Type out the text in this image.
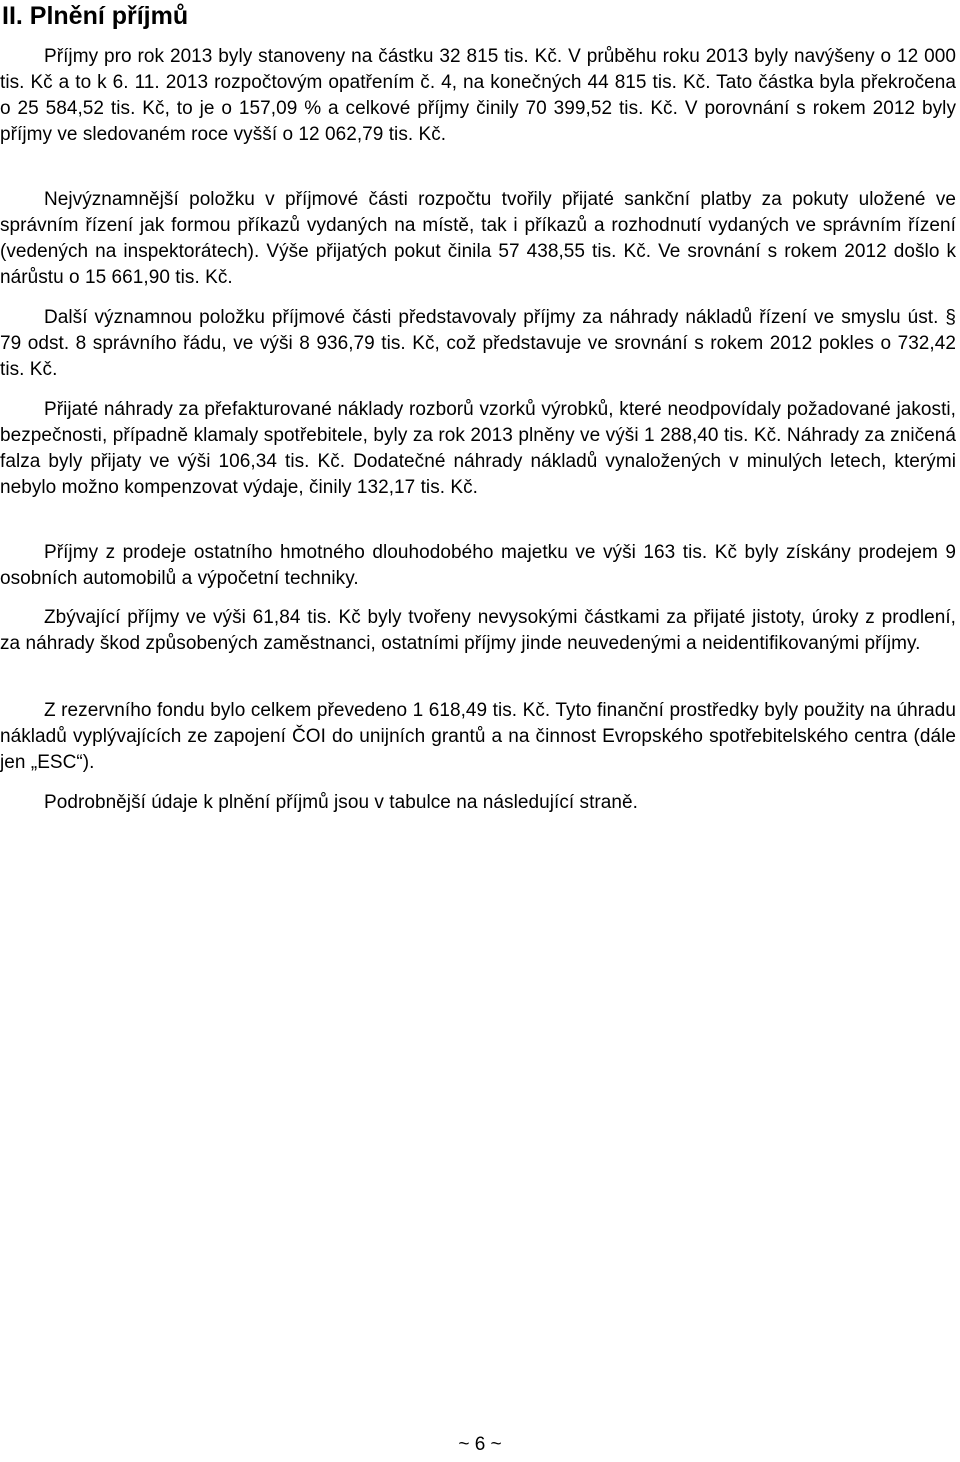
II. Plnění příjmů

Příjmy pro rok 2013 byly stanoveny na částku 32 815 tis. Kč. V průběhu roku 2013 byly navýšeny o 12 000 tis. Kč a to k 6. 11. 2013 rozpočtovým opatřením č. 4, na konečných 44 815 tis. Kč. Tato částka byla překročena o 25 584,52 tis. Kč, to je o 157,09 % a celkové příjmy činily 70 399,52 tis. Kč. V porovnání s rokem 2012 byly příjmy ve sledovaném roce vyšší o 12 062,79 tis. Kč.

Nejvýznamnější položku v příjmové části rozpočtu tvořily přijaté sankční platby za pokuty uložené ve správním řízení jak formou příkazů vydaných na místě, tak i příkazů a rozhodnutí vydaných ve správním řízení (vedených na inspektorátech). Výše přijatých pokut činila 57 438,55 tis. Kč. Ve srovnání s rokem 2012 došlo k nárůstu o 15 661,90 tis. Kč.

Další významnou položku příjmové části představovaly příjmy za náhrady nákladů řízení ve smyslu úst. § 79 odst. 8 správního řádu, ve výši 8 936,79 tis. Kč, což představuje ve srovnání s rokem 2012 pokles o 732,42 tis. Kč.

Přijaté náhrady za přefakturované náklady rozborů vzorků výrobků, které neodpovídaly požadované jakosti, bezpečnosti, případně klamaly spotřebitele, byly za rok 2013 plněny ve výši 1 288,40 tis. Kč. Náhrady za zničená falza byly přijaty ve výši 106,34 tis. Kč. Dodatečné náhrady nákladů vynaložených v minulých letech, kterými nebylo možno kompenzovat výdaje, činily 132,17 tis. Kč.

Příjmy z prodeje ostatního hmotného dlouhodobého majetku ve výši 163 tis. Kč byly získány prodejem 9 osobních automobilů a výpočetní techniky.

Zbývající příjmy ve výši 61,84 tis. Kč byly tvořeny nevysokými částkami za přijaté jistoty, úroky z prodlení, za náhrady škod způsobených zaměstnanci, ostatními příjmy jinde neuvedenými a neidentifikovanými příjmy.

Z rezervního fondu bylo celkem převedeno 1 618,49 tis. Kč. Tyto finanční prostředky byly použity na úhradu nákladů vyplývajících ze zapojení ČOI do unijních grantů a na činnost Evropského spotřebitelského centra (dále jen „ESC“).

Podrobnější údaje k plnění příjmů jsou v tabulce na následující straně.

~ 6 ~
